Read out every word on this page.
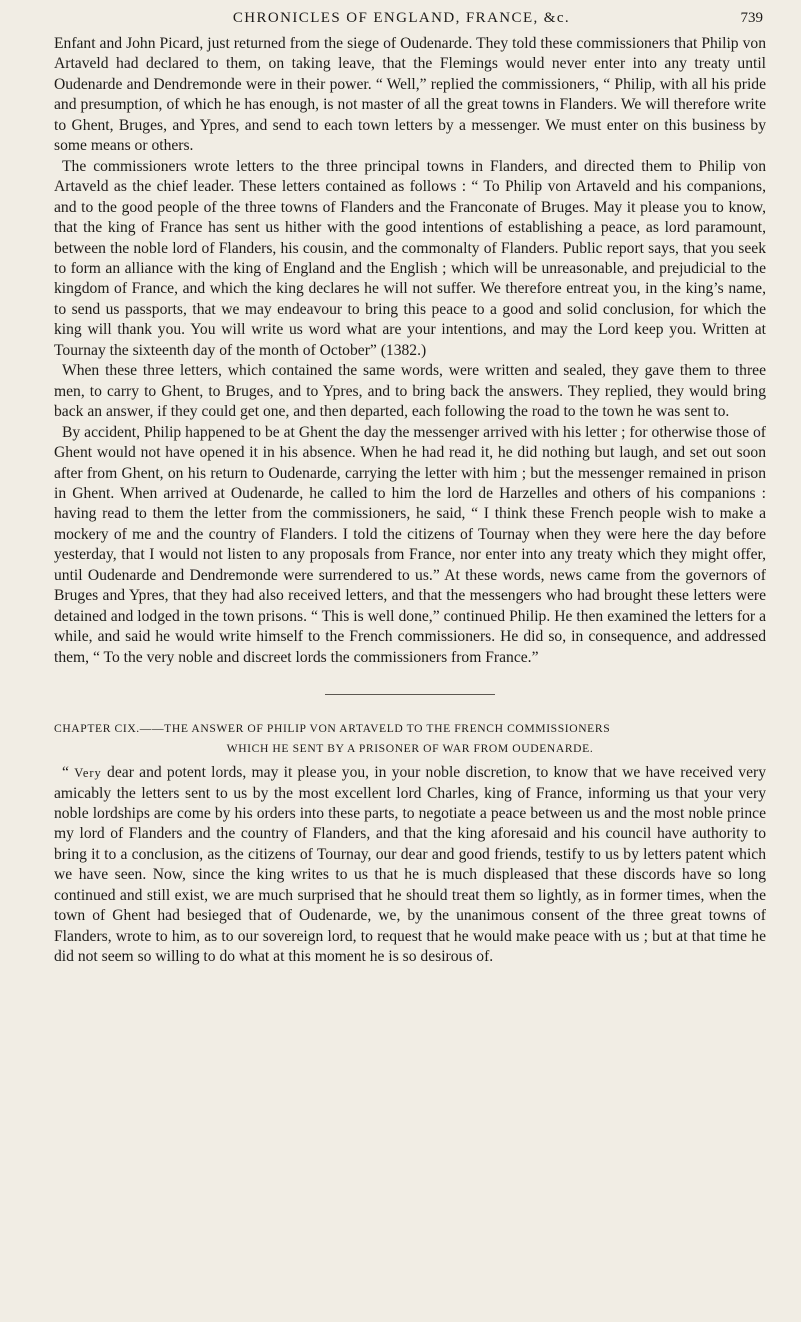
CHRONICLES OF ENGLAND, FRANCE, &c.	739

Enfant and John Picard, just returned from the siege of Oudenarde. They told these commissioners that Philip von Artaveld had declared to them, on taking leave, that the Flemings would never enter into any treaty until Oudenarde and Dendremonde were in their power. “ Well,” replied the commissioners, “ Philip, with all his pride and presumption, of which he has enough, is not master of all the great towns in Flanders. We will therefore write to Ghent, Bruges, and Ypres, and send to each town letters by a messenger. We must enter on this business by some means or others.

The commissioners wrote letters to the three principal towns in Flanders, and directed them to Philip von Artaveld as the chief leader. These letters contained as follows : “ To Philip von Artaveld and his companions, and to the good people of the three towns of Flanders and the Franconate of Bruges. May it please you to know, that the king of France has sent us hither with the good intentions of establishing a peace, as lord paramount, between the noble lord of Flanders, his cousin, and the commonalty of Flanders. Public report says, that you seek to form an alliance with the king of England and the English ; which will be unreasonable, and prejudicial to the kingdom of France, and which the king declares he will not suffer. We therefore entreat you, in the king’s name, to send us passports, that we may endeavour to bring this peace to a good and solid conclusion, for which the king will thank you. You will write us word what are your intentions, and may the Lord keep you. Written at Tournay the sixteenth day of the month of October” (1382.)

When these three letters, which contained the same words, were written and sealed, they gave them to three men, to carry to Ghent, to Bruges, and to Ypres, and to bring back the answers. They replied, they would bring back an answer, if they could get one, and then departed, each following the road to the town he was sent to.

By accident, Philip happened to be at Ghent the day the messenger arrived with his letter ; for otherwise those of Ghent would not have opened it in his absence. When he had read it, he did nothing but laugh, and set out soon after from Ghent, on his return to Oudenarde, carrying the letter with him ; but the messenger remained in prison in Ghent. When arrived at Oudenarde, he called to him the lord de Harzelles and others of his companions : having read to them the letter from the commissioners, he said, “ I think these French people wish to make a mockery of me and the country of Flanders. I told the citizens of Tournay when they were here the day before yesterday, that I would not listen to any proposals from France, nor enter into any treaty which they might offer, until Oudenarde and Dendremonde were surrendered to us.” At these words, news came from the governors of Bruges and Ypres, that they had also received letters, and that the messengers who had brought these letters were detained and lodged in the town prisons. “ This is well done,” continued Philip. He then examined the letters for a while, and said he would write himself to the French commissioners. He did so, in consequence, and addressed them, “ To the very noble and discreet lords the commissioners from France.”

CHAPTER CIX.——THE ANSWER OF PHILIP VON ARTAVELD TO THE FRENCH COMMISSIONERS
WHICH HE SENT BY A PRISONER OF WAR FROM OUDENARDE.

“ Very dear and potent lords, may it please you, in your noble discretion, to know that we have received very amicably the letters sent to us by the most excellent lord Charles, king of France, informing us that your very noble lordships are come by his orders into these parts, to negotiate a peace between us and the most noble prince my lord of Flanders and the country of Flanders, and that the king aforesaid and his council have authority to bring it to a conclusion, as the citizens of Tournay, our dear and good friends, testify to us by letters patent which we have seen. Now, since the king writes to us that he is much displeased that these discords have so long continued and still exist, we are much surprised that he should treat them so lightly, as in former times, when the town of Ghent had besieged that of Oudenarde, we, by the unanimous consent of the three great towns of Flanders, wrote to him, as to our sovereign lord, to request that he would make peace with us ; but at that time he did not seem so willing to do what at this moment he is so desirous of.
